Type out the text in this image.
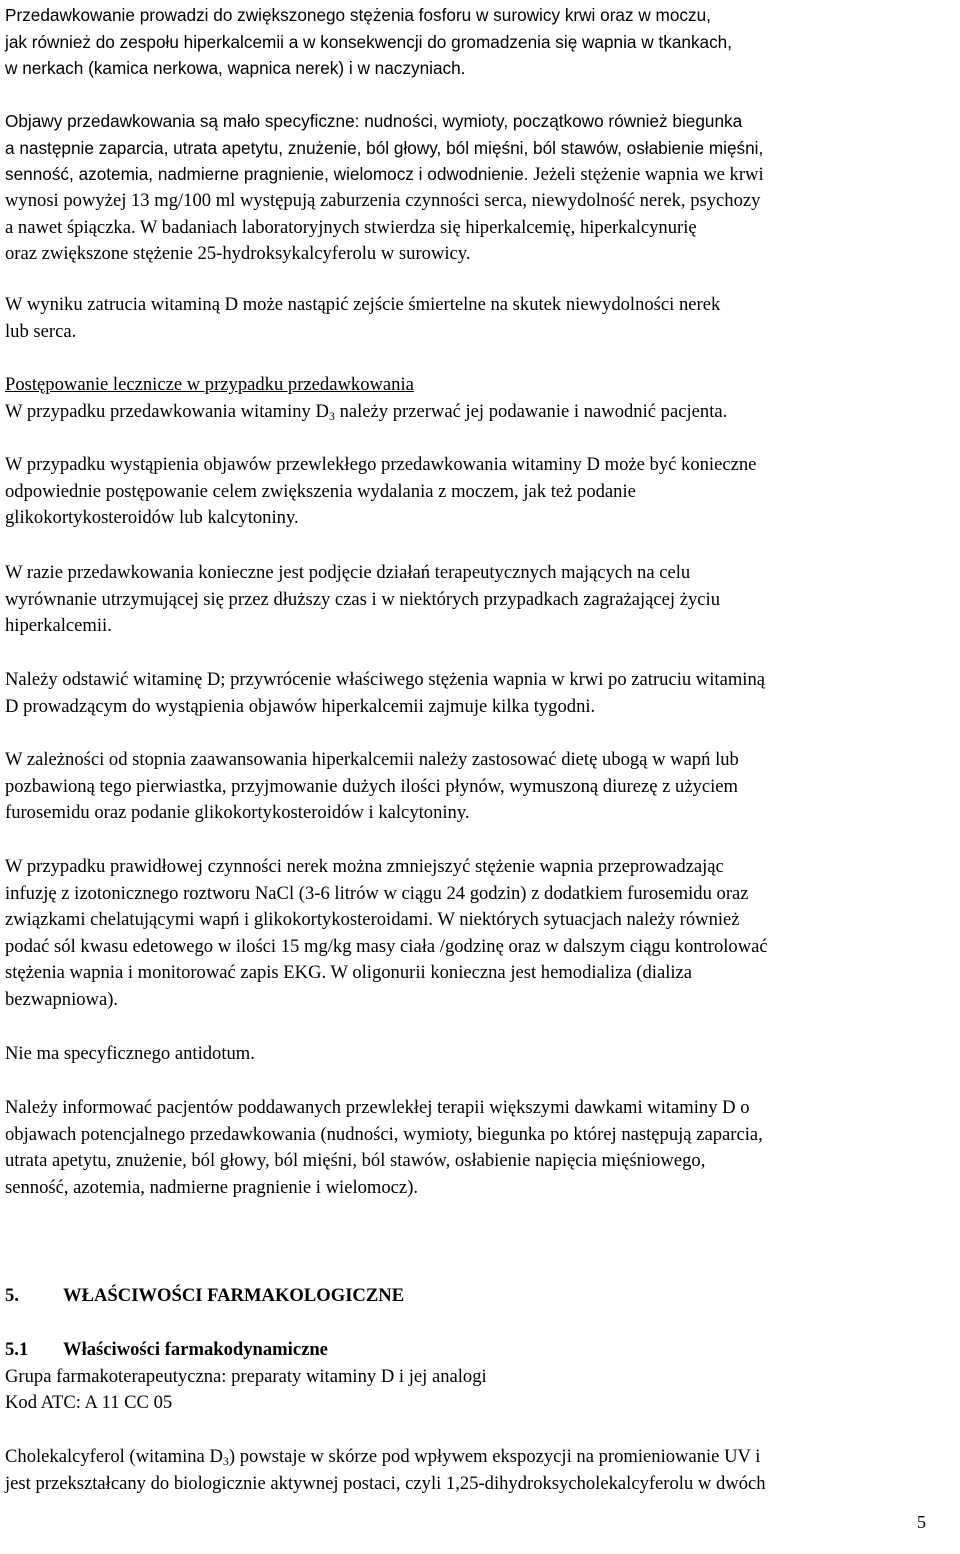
Przedawkowanie prowadzi do zwiększonego stężenia fosforu w surowicy krwi oraz w moczu,
jak również do zespołu hiperkalcemii a w konsekwencji do gromadzenia się wapnia w tkankach,
w nerkach (kamica nerkowa, wapnica nerek) i w naczyniach.

Objawy przedawkowania są mało specyficzne: nudności, wymioty, początkowo również biegunka
a następnie zaparcia, utrata apetytu, znużenie, ból głowy, ból mięśni, ból stawów, osłabienie mięśni,
senność, azotemia, nadmierne pragnienie, wielomocz i odwodnienie. Jeżeli stężenie wapnia we krwi

wynosi powyżej 13 mg/100 ml występują zaburzenia czynności serca, niewydolność nerek, psychozy
a nawet śpiączka. W badaniach laboratoryjnych stwierdza się hiperkalcemię, hiperkalcynurię
oraz zwiększone stężenie 25-hydroksykalcyferolu w surowicy.

W wyniku zatrucia witaminą D może nastąpić zejście śmiertelne na skutek niewydolności nerek
lub serca.

Postępowanie lecznicze w przypadku przedawkowania
W przypadku przedawkowania witaminy $D_3$ należy przerwać jej podawanie i nawodnić pacjenta.

W przypadku wystąpienia objawów przewlekłego przedawkowania witaminy D może być konieczne
odpowiednie postępowanie celem zwiększenia wydalania z moczem, jak też podanie
glikokortykosteroidów lub kalcytoniny.

W razie przedawkowania konieczne jest podjęcie działań terapeutycznych mających na celu
wyrównanie utrzymującej się przez dłuższy czas i w niektórych przypadkach zagrażającej życiu
hiperkalcemii.

Należy odstawić witaminę D; przywrócenie właściwego stężenia wapnia w krwi po zatruciu witaminą
D prowadzącym do wystąpienia objawów hiperkalcemii zajmuje kilka tygodni.

W zależności od stopnia zaawansowania hiperkalcemii należy zastosować dietę ubogą w wapń lub
pozbawioną tego pierwiastka, przyjmowanie dużych ilości płynów, wymuszoną diurezę z użyciem
furosemidu oraz podanie glikokortykosteroidów i kalcytoniny.

W przypadku prawidłowej czynności nerek można zmniejszyć stężenie wapnia przeprowadzając
infuzję z izotonicznego roztworu NaCl (3-6 litrów w ciągu 24 godzin) z dodatkiem furosemidu oraz
związkami chelatującymi wapń i glikokortykosteroidami. W niektórych sytuacjach należy również
podać sól kwasu edetowego w ilości 15 mg/kg masy ciała /godzinę oraz w dalszym ciągu kontrolować
stężenia wapnia i monitorować zapis EKG. W oligonurii konieczna jest hemodializa (dializa
bezwapniowa).

Nie ma specyficznego antidotum.

Należy informować pacjentów poddawanych przewlekłej terapii większymi dawkami witaminy D o
objawach potencjalnego przedawkowania (nudności, wymioty, biegunka po której następują zaparcia,
utrata apetytu, znużenie, ból głowy, ból mięśni, ból stawów, osłabienie napięcia mięśniowego,
senność, azotemia, nadmierne pragnienie i wielomocz).

5. WŁAŚCIWOŚCI FARMAKOLOGICZNE

5.1 Właściwości farmakodynamiczne
Grupa farmakoterapeutyczna: preparaty witaminy D i jej analogi
Kod ATC: A 11 CC 05

Cholekalcyferol (witamina $D_3$) powstaje w skórze pod wpływem ekspozycji na promieniowanie UV i
jest przekształcany do biologicznie aktywnej postaci, czyli 1,25-dihydroksycholekalcyferolu w dwóch

5
